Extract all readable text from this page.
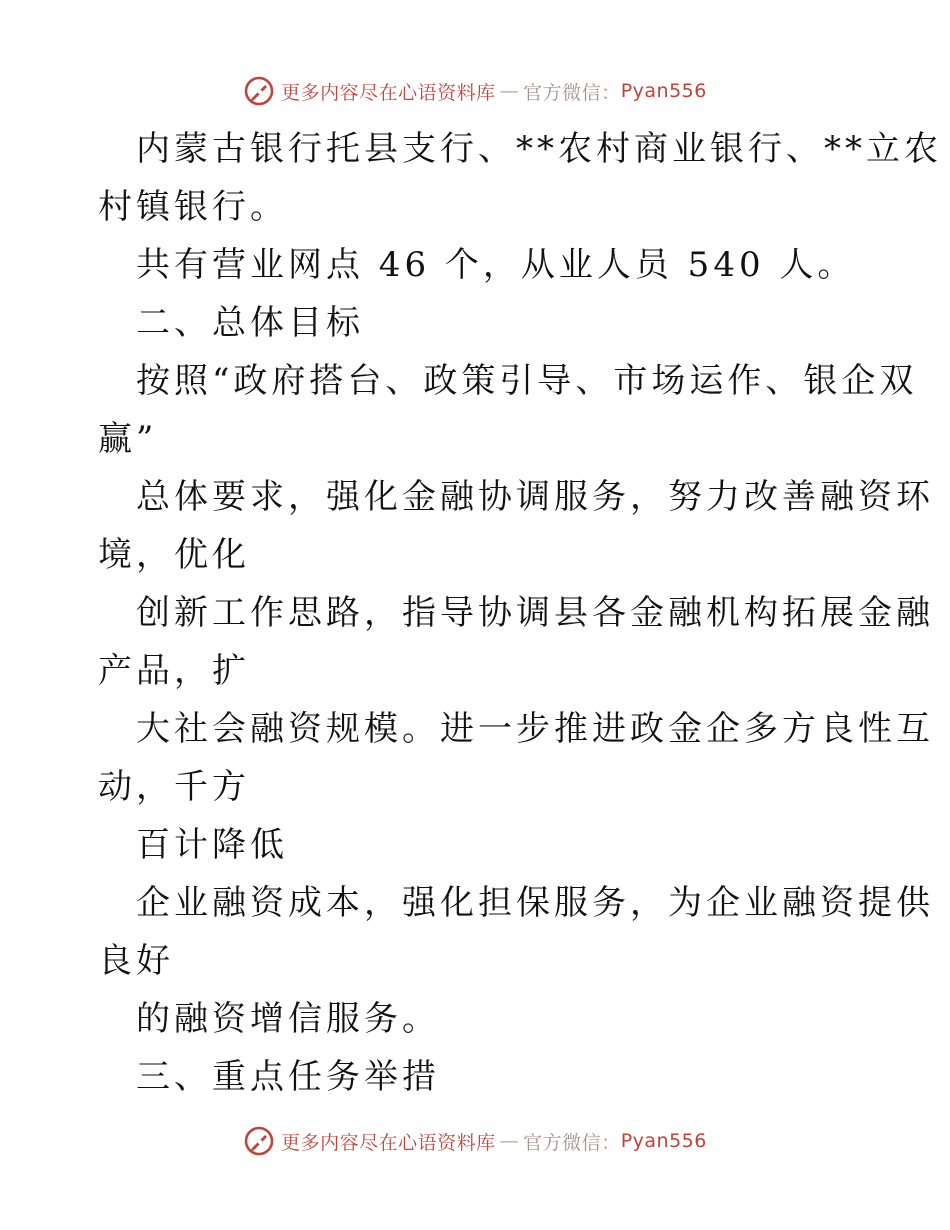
更多内容尽在心语资料库 — 官方微信： Pyan556
内蒙古银行托县支行、**农村商业银行、**立农
村镇银行。
共有营业网点 46 个，从业人员 540 人。
二、总体目标
按照“政府搭台、政策引导、市场运作、银企双
赢”
总体要求，强化金融协调服务，努力改善融资环
境，优化
创新工作思路，指导协调县各金融机构拓展金融
产品，扩
大社会融资规模。进一步推进政金企多方良性互
动，千方
百计降低
企业融资成本，强化担保服务，为企业融资提供
良好
的融资增信服务。
三、重点任务举措
更多内容尽在心语资料库 — 官方微信： Pyan556
